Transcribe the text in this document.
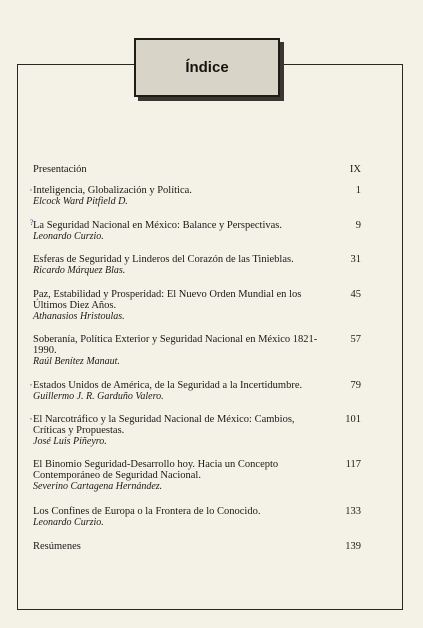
Índice
Presentación	IX
, Inteligencia, Globalización y Política.
Elcock Ward Pitfield D.
1
? La Seguridad Nacional en México: Balance y Perspectivas.
Leonardo Curzio.
9
Esferas de Seguridad y Linderos del Corazón de las Tinieblas.
Ricardo Márquez Blas.
31
Paz, Estabilidad y Prosperidad: El Nuevo Orden Mundial en los Últimos Diez Años.
Athanasios Hristoulas.
45
Soberanía, Política Exterior y Seguridad Nacional en México 1821-1990.
Raúl Benítez Manaut.
57
, Estados Unidos de América, de la Seguridad a la Incertidumbre.
Guillermo J. R. Garduño Valero.
79
, El Narcotráfico y la Seguridad Nacional de México: Cambios, Críticas y Propuestas.
José Luis Piñeyro.
101
El Binomio Seguridad-Desarrollo hoy. Hacia un Concepto Contemporáneo de Seguridad Nacional.
Severino Cartagena Hernández.
117
Los Confines de Europa o la Frontera de lo Conocido.
Leonardo Curzio.
133
Resúmenes	139
